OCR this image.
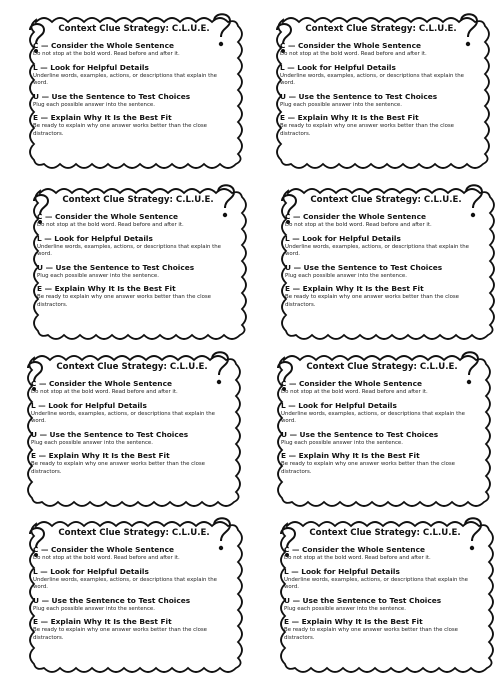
Context Clue Strategy: C.L.U.E.
C — Consider the Whole Sentence
Do not stop at the bold word. Read before and after it.
L — Look for Helpful Details
Underline words, examples, actions, or descriptions that explain the word.
U — Use the Sentence to Test Choices
Plug each possible answer into the sentence.
E — Explain Why It Is the Best Fit
Be ready to explain why one answer works better than the close distractors.
Context Clue Strategy: C.L.U.E.
C — Consider the Whole Sentence
Do not stop at the bold word. Read before and after it.
L — Look for Helpful Details
Underline words, examples, actions, or descriptions that explain the word.
U — Use the Sentence to Test Choices
Plug each possible answer into the sentence.
E — Explain Why It Is the Best Fit
Be ready to explain why one answer works better than the close distractors.
Context Clue Strategy: C.L.U.E.
C — Consider the Whole Sentence
Do not stop at the bold word. Read before and after it.
L — Look for Helpful Details
Underline words, examples, actions, or descriptions that explain the word.
U — Use the Sentence to Test Choices
Plug each possible answer into the sentence.
E — Explain Why It Is the Best Fit
Be ready to explain why one answer works better than the close distractors.
Context Clue Strategy: C.L.U.E.
C — Consider the Whole Sentence
Do not stop at the bold word. Read before and after it.
L — Look for Helpful Details
Underline words, examples, actions, or descriptions that explain the word.
U — Use the Sentence to Test Choices
Plug each possible answer into the sentence.
E — Explain Why It Is the Best Fit
Be ready to explain why one answer works better than the close distractors.
Context Clue Strategy: C.L.U.E.
C — Consider the Whole Sentence
Do not stop at the bold word. Read before and after it.
L — Look for Helpful Details
Underline words, examples, actions, or descriptions that explain the word.
U — Use the Sentence to Test Choices
Plug each possible answer into the sentence.
E — Explain Why It Is the Best Fit
Be ready to explain why one answer works better than the close distractors.
Context Clue Strategy: C.L.U.E.
C — Consider the Whole Sentence
Do not stop at the bold word. Read before and after it.
L — Look for Helpful Details
Underline words, examples, actions, or descriptions that explain the word.
U — Use the Sentence to Test Choices
Plug each possible answer into the sentence.
E — Explain Why It Is the Best Fit
Be ready to explain why one answer works better than the close distractors.
Context Clue Strategy: C.L.U.E.
C — Consider the Whole Sentence
Do not stop at the bold word. Read before and after it.
L — Look for Helpful Details
Underline words, examples, actions, or descriptions that explain the word.
U — Use the Sentence to Test Choices
Plug each possible answer into the sentence.
E — Explain Why It Is the Best Fit
Be ready to explain why one answer works better than the close distractors.
Context Clue Strategy: C.L.U.E.
C — Consider the Whole Sentence
Do not stop at the bold word. Read before and after it.
L — Look for Helpful Details
Underline words, examples, actions, or descriptions that explain the word.
U — Use the Sentence to Test Choices
Plug each possible answer into the sentence.
E — Explain Why It Is the Best Fit
Be ready to explain why one answer works better than the close distractors.
